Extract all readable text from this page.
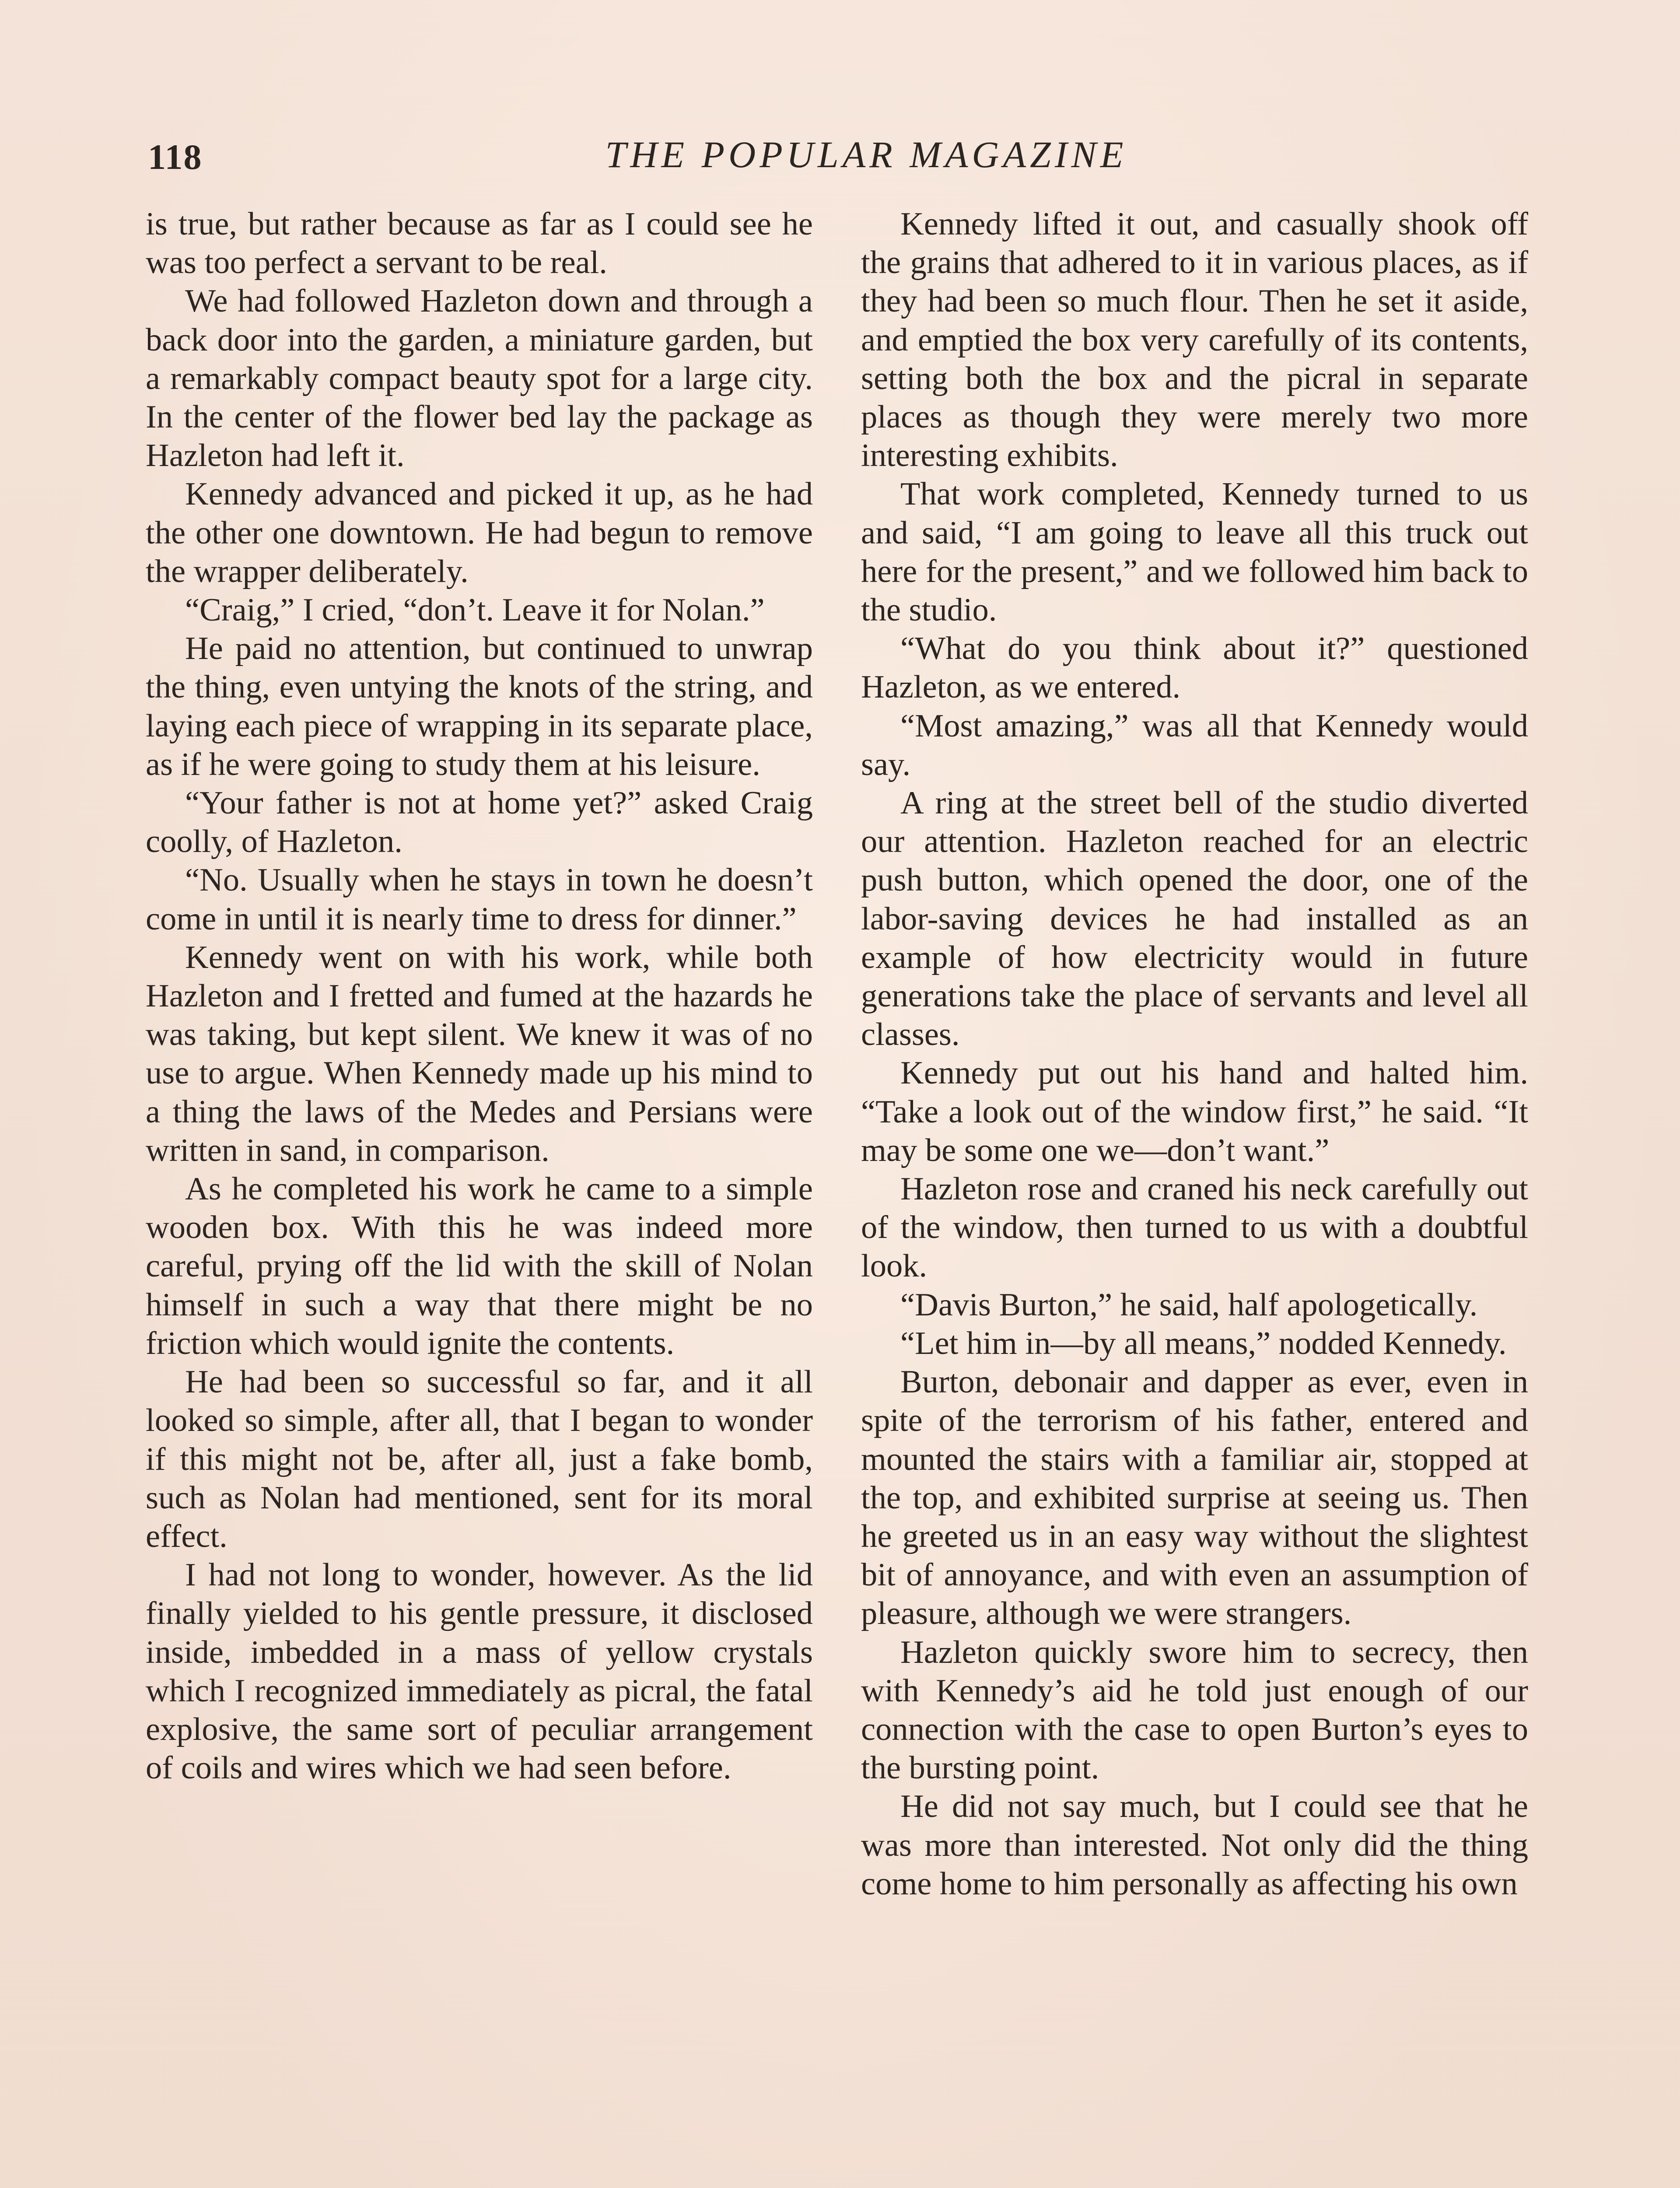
118	THE POPULAR MAGAZINE

is true, but rather because as far as I could see he was too perfect a servant to be real.

We had followed Hazleton down and through a back door into the garden, a miniature garden, but a remarkably compact beauty spot for a large city. In the center of the flower bed lay the package as Hazleton had left it.

Kennedy advanced and picked it up, as he had the other one downtown. He had begun to remove the wrapper deliberately.

“Craig,” I cried, “don’t. Leave it for Nolan.”

He paid no attention, but continued to unwrap the thing, even untying the knots of the string, and laying each piece of wrapping in its separate place, as if he were going to study them at his leisure.

“Your father is not at home yet?” asked Craig coolly, of Hazleton.

“No. Usually when he stays in town he doesn’t come in until it is nearly time to dress for dinner.”

Kennedy went on with his work, while both Hazleton and I fretted and fumed at the hazards he was taking, but kept silent. We knew it was of no use to argue. When Kennedy made up his mind to a thing the laws of the Medes and Persians were written in sand, in comparison.

As he completed his work he came to a simple wooden box. With this he was indeed more careful, prying off the lid with the skill of Nolan himself in such a way that there might be no friction which would ignite the contents.

He had been so successful so far, and it all looked so simple, after all, that I began to wonder if this might not be, after all, just a fake bomb, such as Nolan had mentioned, sent for its moral effect.

I had not long to wonder, however. As the lid finally yielded to his gentle pressure, it disclosed inside, imbedded in a mass of yellow crystals which I recognized immediately as picral, the fatal explosive, the same sort of peculiar arrangement of coils and wires which we had seen before.

Kennedy lifted it out, and casually shook off the grains that adhered to it in various places, as if they had been so much flour. Then he set it aside, and emptied the box very carefully of its contents, setting both the box and the picral in separate places as though they were merely two more interesting exhibits.

That work completed, Kennedy turned to us and said, “I am going to leave all this truck out here for the present,” and we followed him back to the studio.

“What do you think about it?” questioned Hazleton, as we entered.

“Most amazing,” was all that Kennedy would say.

A ring at the street bell of the studio diverted our attention. Hazleton reached for an electric push button, which opened the door, one of the labor-saving devices he had installed as an example of how electricity would in future generations take the place of servants and level all classes.

Kennedy put out his hand and halted him. “Take a look out of the window first,” he said. “It may be some one we—don’t want.”

Hazleton rose and craned his neck carefully out of the window, then turned to us with a doubtful look.

“Davis Burton,” he said, half apologetically.

“Let him in—by all means,” nodded Kennedy.

Burton, debonair and dapper as ever, even in spite of the terrorism of his father, entered and mounted the stairs with a familiar air, stopped at the top, and exhibited surprise at seeing us. Then he greeted us in an easy way without the slightest bit of annoyance, and with even an assumption of pleasure, although we were strangers.

Hazleton quickly swore him to secrecy, then with Kennedy’s aid he told just enough of our connection with the case to open Burton’s eyes to the bursting point.

He did not say much, but I could see that he was more than interested. Not only did the thing come home to him personally as affecting his own
